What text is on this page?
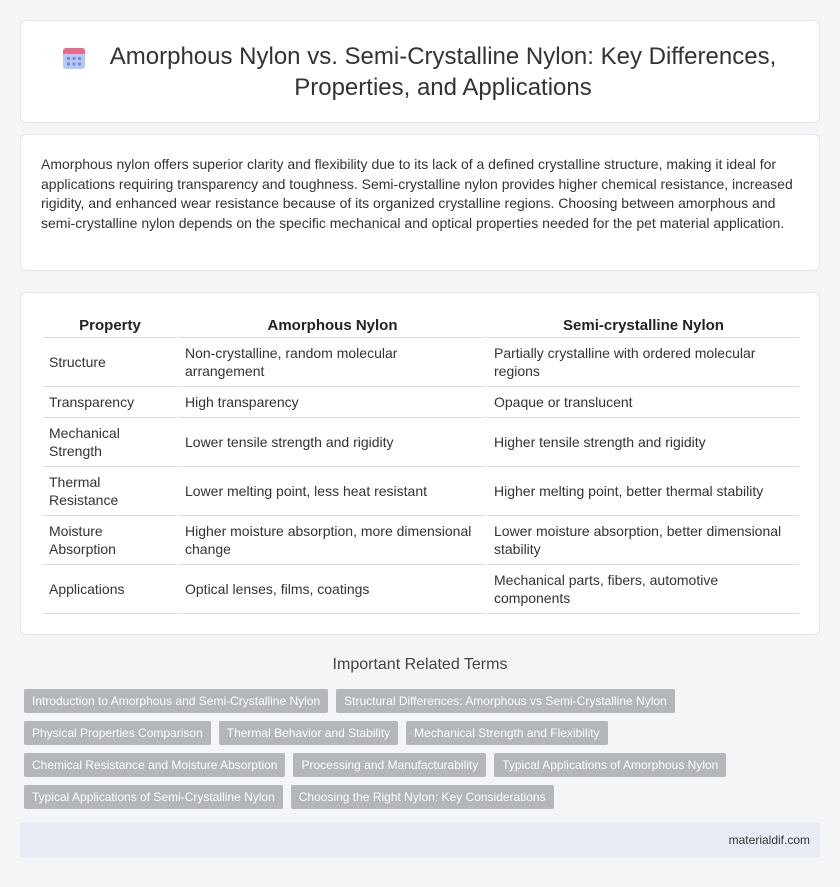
Amorphous Nylon vs. Semi-Crystalline Nylon: Key Differences, Properties, and Applications

Amorphous nylon offers superior clarity and flexibility due to its lack of a defined crystalline structure, making it ideal for applications requiring transparency and toughness. Semi-crystalline nylon provides higher chemical resistance, increased rigidity, and enhanced wear resistance because of its organized crystalline regions. Choosing between amorphous and semi-crystalline nylon depends on the specific mechanical and optical properties needed for the pet material application.

Property	Amorphous Nylon	Semi-crystalline Nylon
Structure	Non-crystalline, random molecular arrangement	Partially crystalline with ordered molecular regions
Transparency	High transparency	Opaque or translucent
Mechanical Strength	Lower tensile strength and rigidity	Higher tensile strength and rigidity
Thermal Resistance	Lower melting point, less heat resistant	Higher melting point, better thermal stability
Moisture Absorption	Higher moisture absorption, more dimensional change	Lower moisture absorption, better dimensional stability
Applications	Optical lenses, films, coatings	Mechanical parts, fibers, automotive components
Important Related Terms
Introduction to Amorphous and Semi-Crystalline Nylon	Structural Differences: Amorphous vs Semi-Crystalline Nylon
Physical Properties Comparison	Thermal Behavior and Stability	Mechanical Strength and Flexibility
Chemical Resistance and Moisture Absorption	Processing and Manufacturability	Typical Applications of Amorphous Nylon
Typical Applications of Semi-Crystalline Nylon	Choosing the Right Nylon: Key Considerations
materialdif.com
